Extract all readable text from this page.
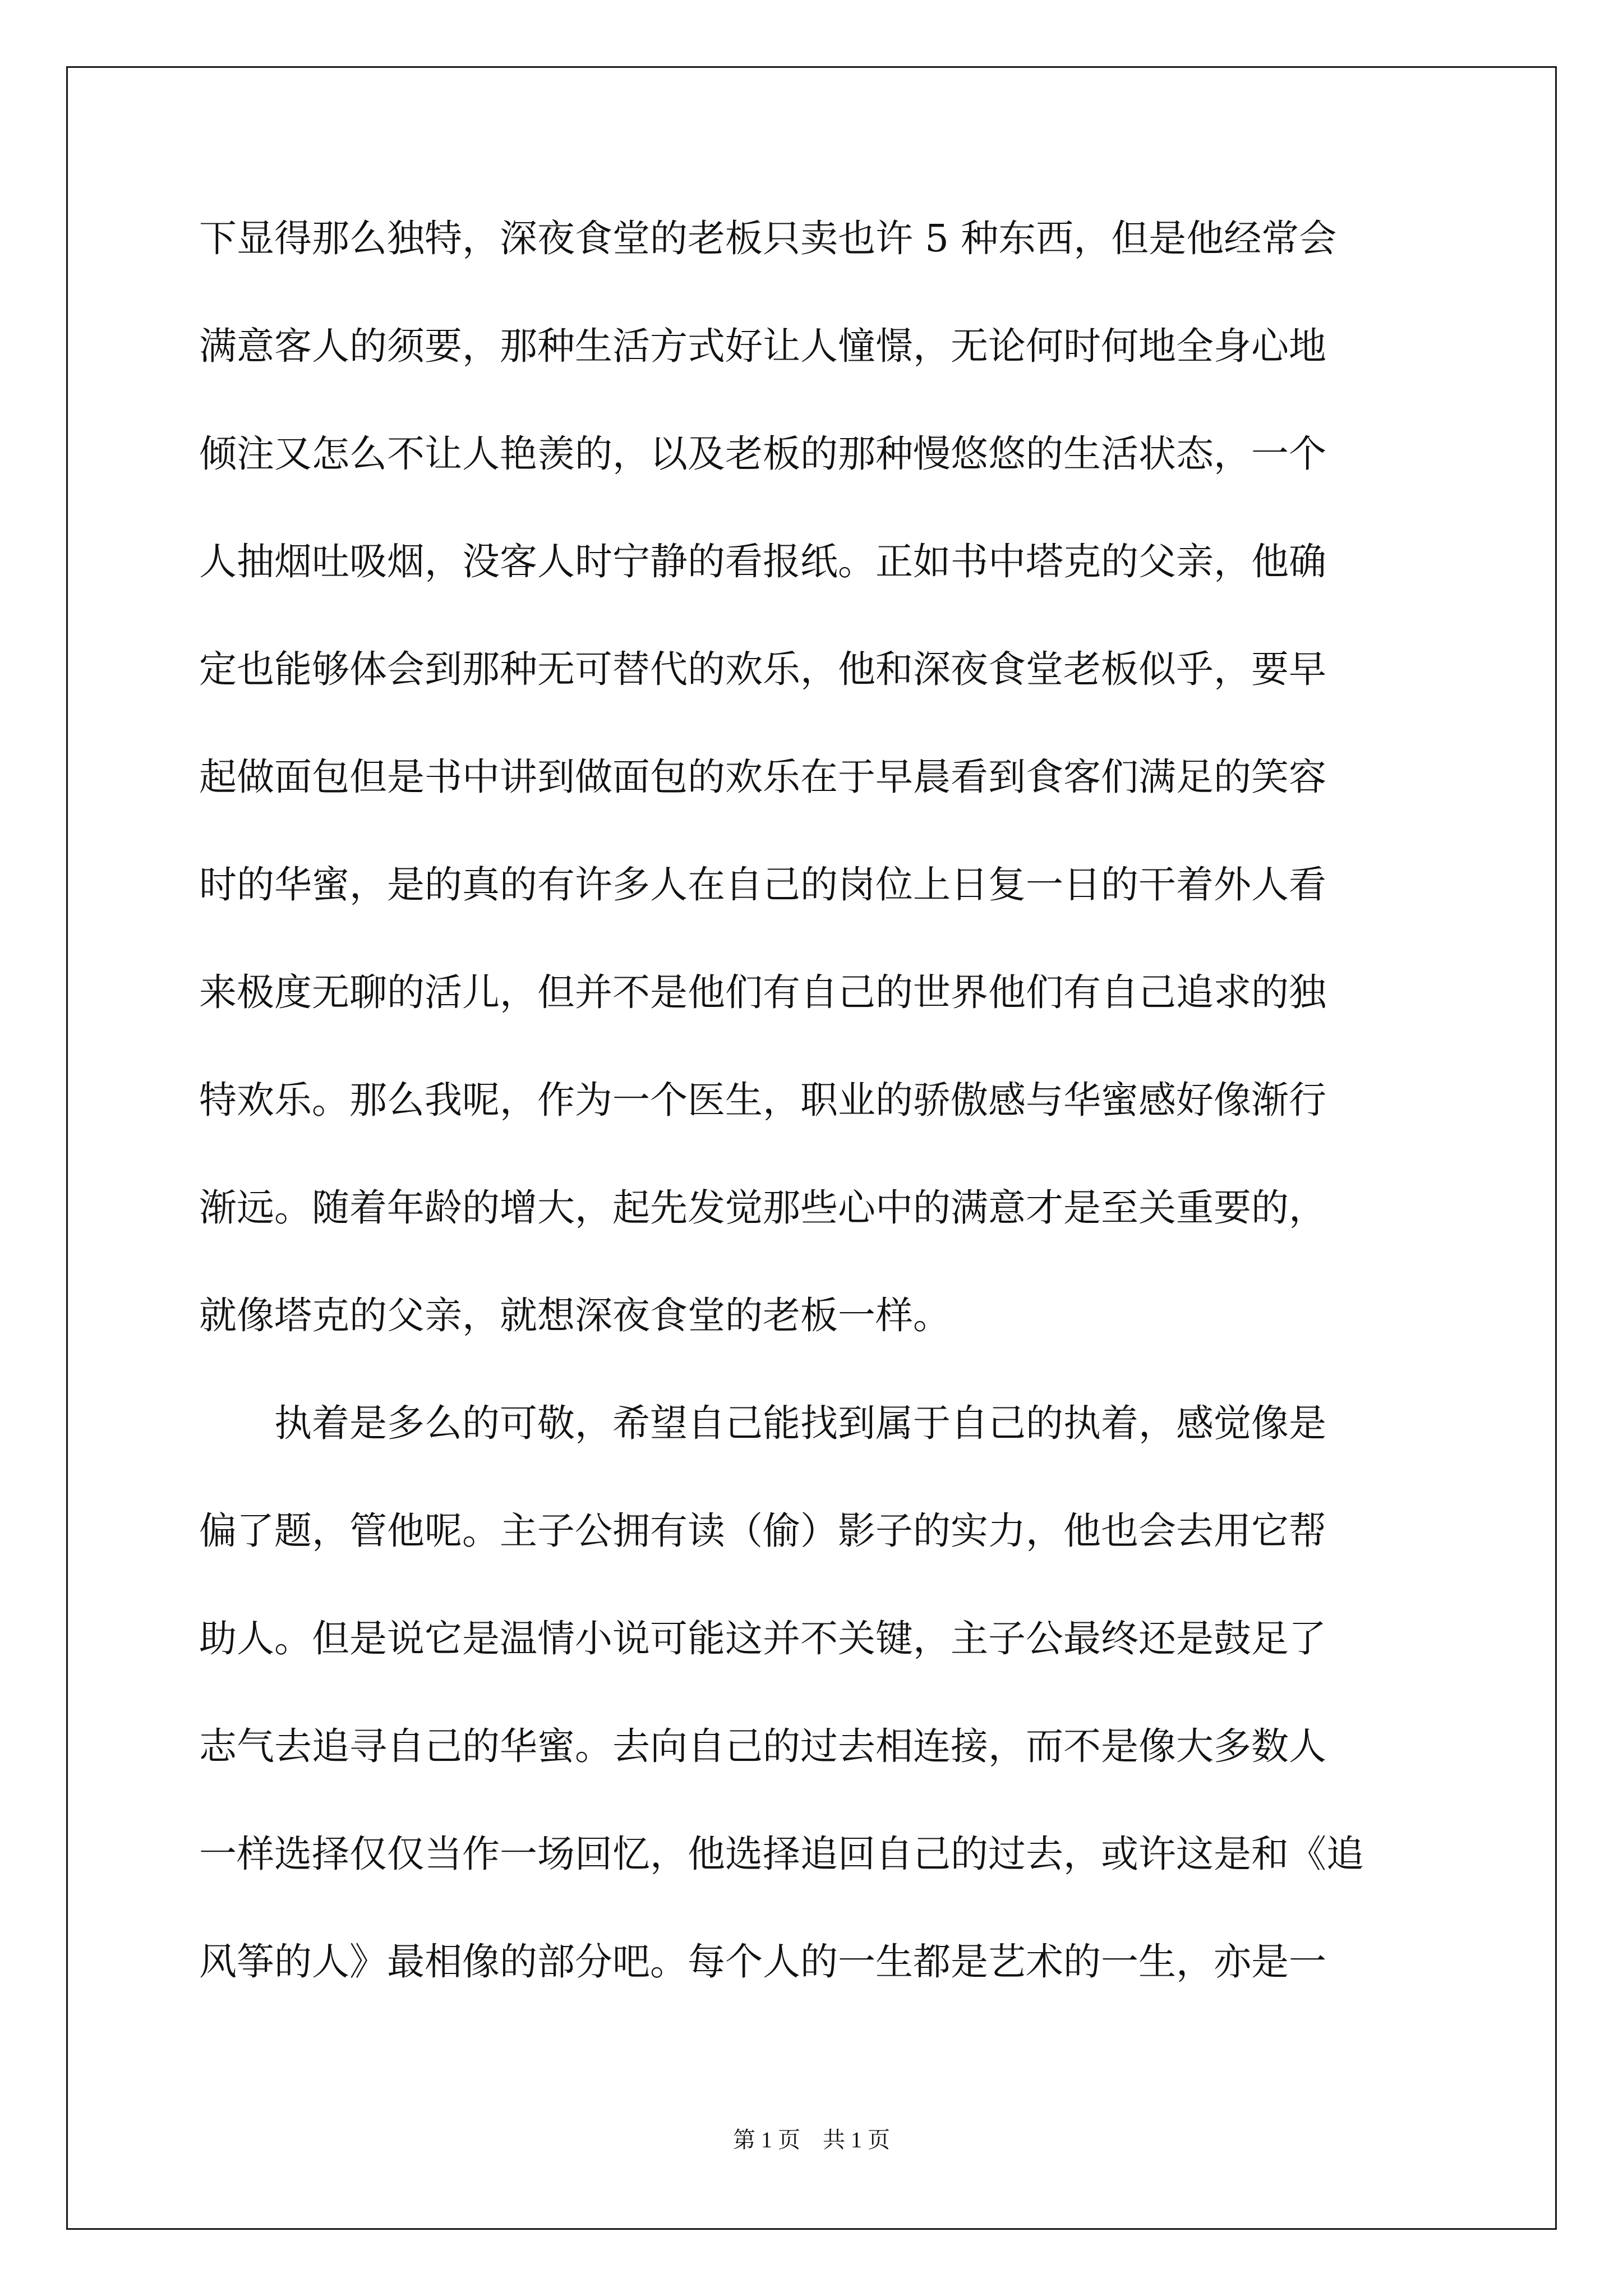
下显得那么独特，深夜食堂的老板只卖也许 5 种东西，但是他经常会
满意客人的须要，那种生活方式好让人憧憬，无论何时何地全身心地
倾注又怎么不让人艳羡的，以及老板的那种慢悠悠的生活状态，一个
人抽烟吐吸烟，没客人时宁静的看报纸。正如书中塔克的父亲，他确
定也能够体会到那种无可替代的欢乐，他和深夜食堂老板似乎，要早
起做面包但是书中讲到做面包的欢乐在于早晨看到食客们满足的笑容
时的华蜜，是的真的有许多人在自己的岗位上日复一日的干着外人看
来极度无聊的活儿，但并不是他们有自己的世界他们有自己追求的独
特欢乐。那么我呢，作为一个医生，职业的骄傲感与华蜜感好像渐行
渐远。随着年龄的增大，起先发觉那些心中的满意才是至关重要的，
就像塔克的父亲，就想深夜食堂的老板一样。
　　执着是多么的可敬，希望自己能找到属于自己的执着，感觉像是
偏了题，管他呢。主子公拥有读（偷）影子的实力，他也会去用它帮
助人。但是说它是温情小说可能这并不关键，主子公最终还是鼓足了
志气去追寻自己的华蜜。去向自己的过去相连接，而不是像大多数人
一样选择仅仅当作一场回忆，他选择追回自己的过去，或许这是和《追
风筝的人》最相像的部分吧。每个人的一生都是艺术的一生，亦是一
第 1 页　共 1 页
